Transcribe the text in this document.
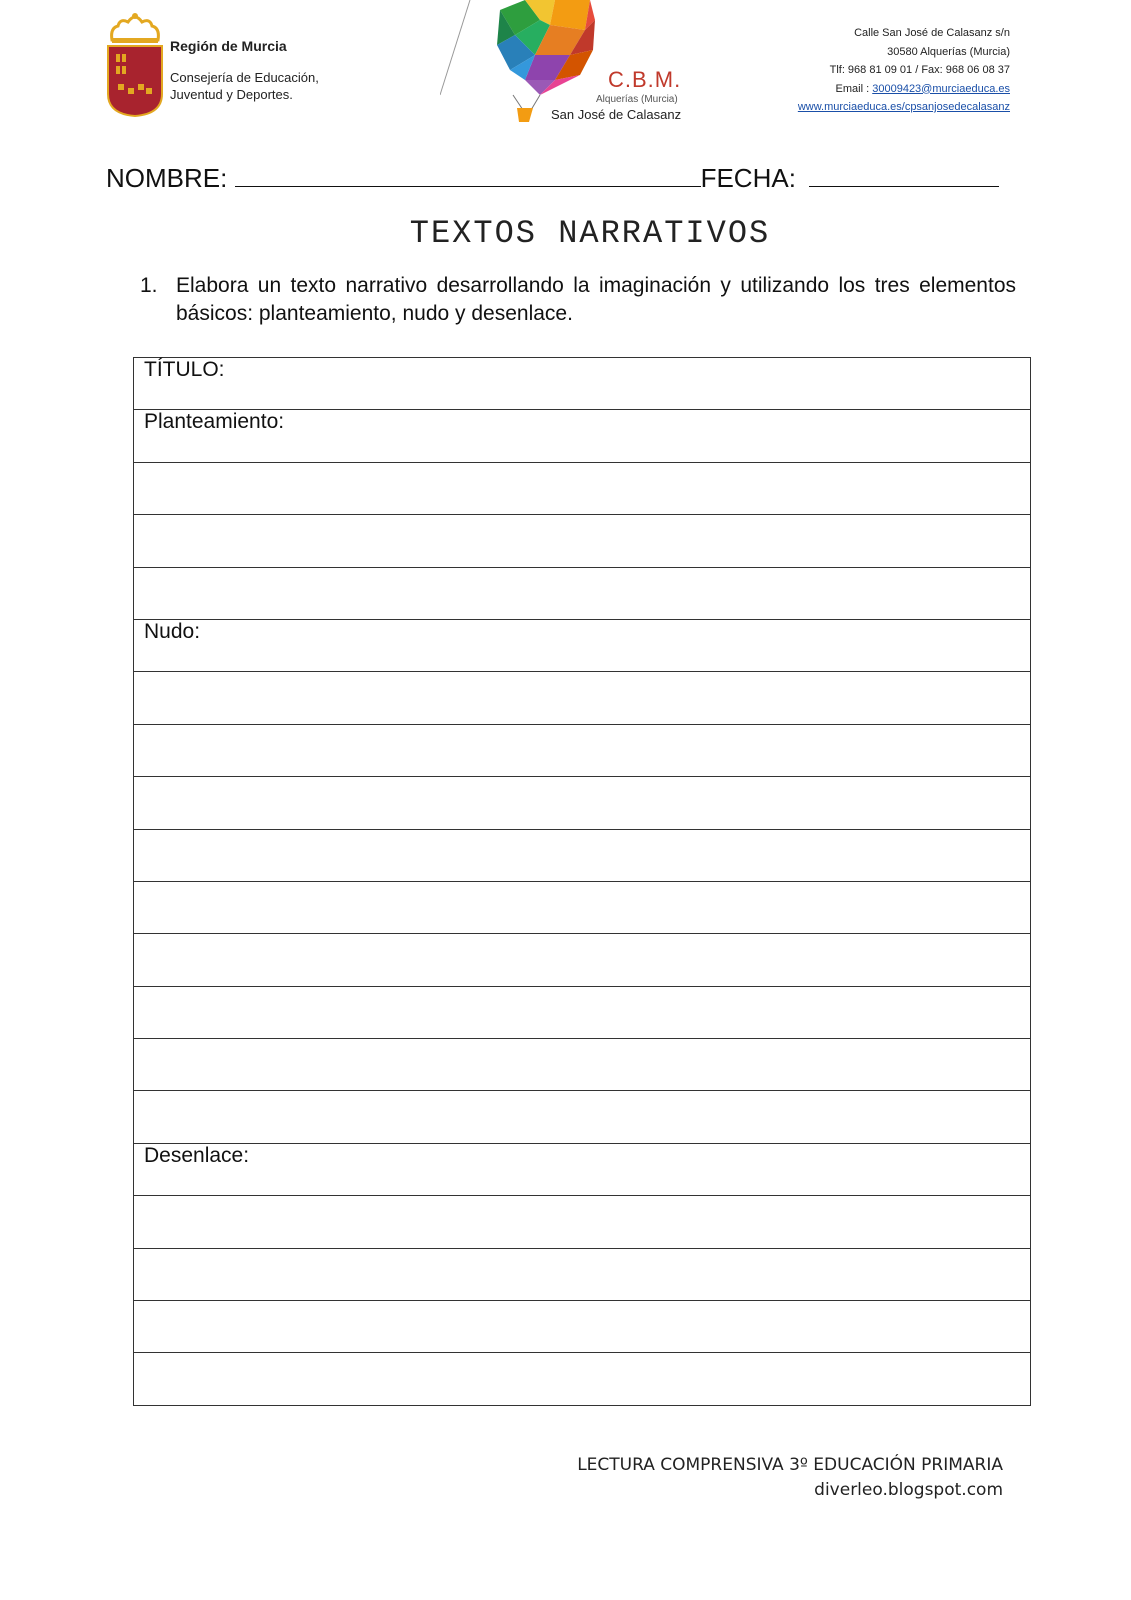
Región de Murcia
Consejería de Educación,
Juventud y Deportes.
C.B.M.
Alquerías (Murcia)
San José de Calasanz
Calle San José de Calasanz s/n
30580 Alquerías (Murcia)
Tlf: 968 81 09 01 / Fax: 968 06 08 37
Email : 30009423@murciaeduca.es
www.murciaeduca.es/cpsanjosedecalasanz
NOMBRE:	FECHA:
TEXTOS NARRATIVOS
1. Elabora un texto narrativo desarrollando la imaginación y utilizando los tres elementos básicos: planteamiento, nudo y desenlace.
TÍTULO:
Planteamiento:
Nudo:
Desenlace:
LECTURA COMPRENSIVA 3º EDUCACIÓN PRIMARIA
diverleo.blogspot.com
